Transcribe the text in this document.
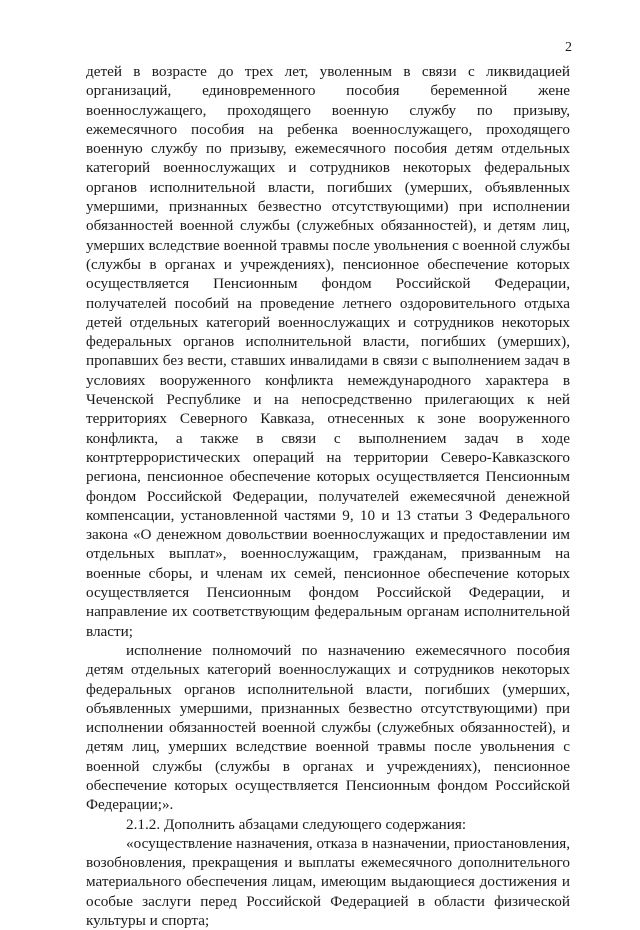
2

детей в возрасте до трех лет, уволенным в связи с ликвидацией организаций, единовременного пособия беременной жене военнослужащего, проходящего военную службу по призыву, ежемесячного пособия на ребенка военнослужащего, проходящего военную службу по призыву, ежемесячного пособия детям отдельных категорий военнослужащих и сотрудников некоторых федеральных органов исполнительной власти, погибших (умерших, объявленных умершими, признанных безвестно отсутствующими) при исполнении обязанностей военной службы (служебных обязанностей), и детям лиц, умерших вследствие военной травмы после увольнения с военной службы (службы в органах и учреждениях), пенсионное обеспечение которых осуществляется Пенсионным фондом Российской Федерации, получателей пособий на проведение летнего оздоровительного отдыха детей отдельных категорий военнослужащих и сотрудников некоторых федеральных органов исполнительной власти, погибших (умерших), пропавших без вести, ставших инвалидами в связи с выполнением задач в условиях вооруженного конфликта немеждународного характера в Чеченской Республике и на непосредственно прилегающих к ней территориях Северного Кавказа, отнесенных к зоне вооруженного конфликта, а также в связи с выполнением задач в ходе контртеррористических операций на территории Северо-Кавказского региона, пенсионное обеспечение которых осуществляется Пенсионным фондом Российской Федерации, получателей ежемесячной денежной компенсации, установленной частями 9, 10 и 13 статьи 3 Федерального закона «О денежном довольствии военнослужащих и предоставлении им отдельных выплат», военнослужащим, гражданам, призванным на военные сборы, и членам их семей, пенсионное обеспечение которых осуществляется Пенсионным фондом Российской Федерации, и направление их соответствующим федеральным органам исполнительной власти;

исполнение полномочий по назначению ежемесячного пособия детям отдельных категорий военнослужащих и сотрудников некоторых федеральных органов исполнительной власти, погибших (умерших, объявленных умершими, признанных безвестно отсутствующими) при исполнении обязанностей военной службы (служебных обязанностей), и детям лиц, умерших вследствие военной травмы после увольнения с военной службы (службы в органах и учреждениях), пенсионное обеспечение которых осуществляется Пенсионным фондом Российской Федерации;».

2.1.2. Дополнить абзацами следующего содержания:

«осуществление назначения, отказа в назначении, приостановления, возобновления, прекращения и выплаты ежемесячного дополнительного материального обеспечения лицам, имеющим выдающиеся достижения и особые заслуги перед Российской Федерацией в области физической культуры и спорта;
